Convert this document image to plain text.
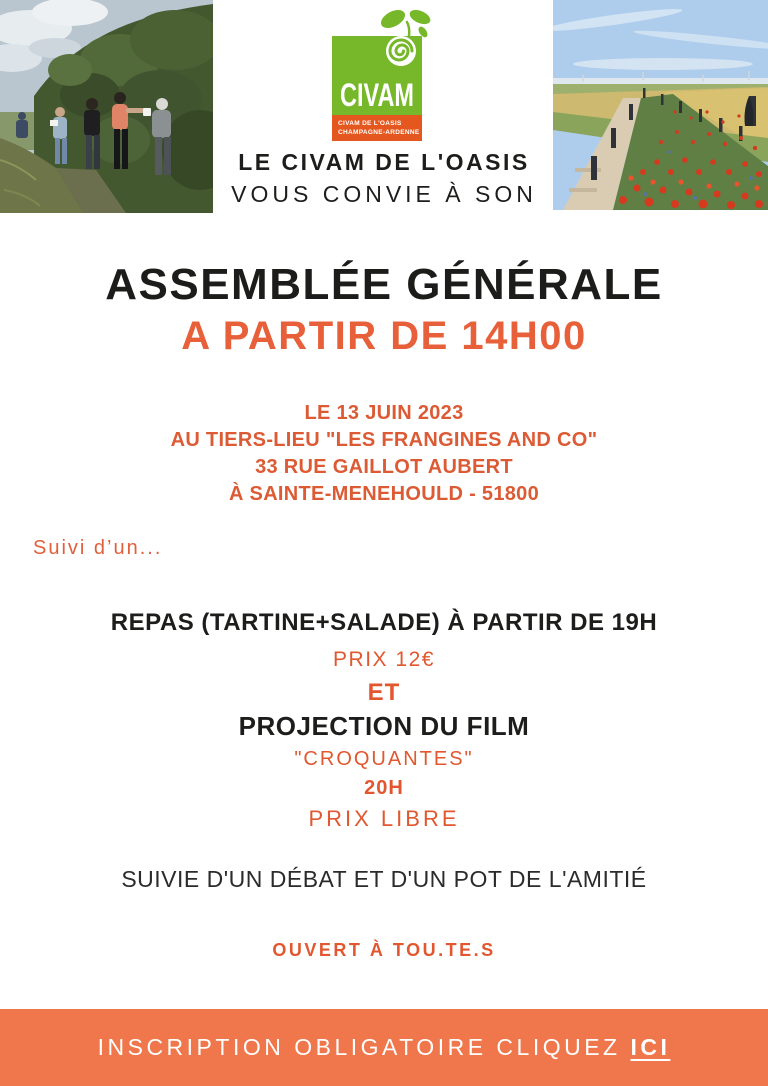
CIVAM
CIVAM DE L'OASIS
CHAMPAGNE-ARDENNE
LE CIVAM DE L'OASIS
VOUS CONVIE À SON
ASSEMBLÉE GÉNÉRALE
A PARTIR DE 14H00
LE 13 JUIN 2023
AU TIERS-LIEU "LES FRANGINES AND CO"
33 RUE GAILLOT AUBERT
À SAINTE-MENEHOULD - 51800
Suivi d’un...
REPAS (TARTINE+SALADE) À PARTIR DE 19H
PRIX 12€
ET
PROJECTION DU FILM
"CROQUANTES"
20H
PRIX LIBRE
SUIVIE D'UN DÉBAT ET D'UN POT DE L'AMITIÉ
OUVERT À TOU.TE.S
INSCRIPTION OBLIGATOIRE CLIQUEZ ICI
